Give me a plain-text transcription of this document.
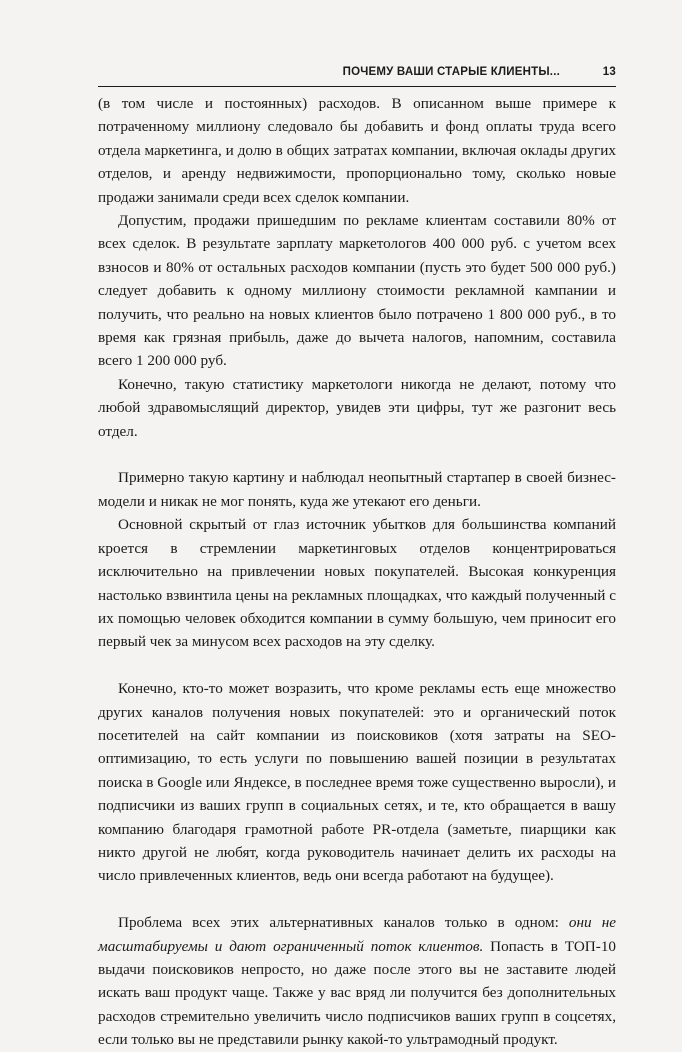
ПОЧЕМУ ВАШИ СТАРЫЕ КЛИЕНТЫ...	13

(в том числе и постоянных) расходов. В описанном выше примере к потраченному миллиону следовало бы добавить и фонд оплаты труда всего отдела маркетинга, и долю в общих затратах компании, включая оклады других отделов, и аренду недвижимости, пропорционально тому, сколько новые продажи занимали среди всех сделок компании.

Допустим, продажи пришедшим по рекламе клиентам составили 80% от всех сделок. В результате зарплату маркетологов 400 000 руб. с учетом всех взносов и 80% от остальных расходов компании (пусть это будет 500 000 руб.) следует добавить к одному миллиону стоимости рекламной кампании и получить, что реально на новых клиентов было потрачено 1 800 000 руб., в то время как грязная прибыль, даже до вычета налогов, напомним, составила всего 1 200 000 руб.

Конечно, такую статистику маркетологи никогда не делают, потому что любой здравомыслящий директор, увидев эти цифры, тут же разгонит весь отдел.

Примерно такую картину и наблюдал неопытный стартапер в своей бизнес-модели и никак не мог понять, куда же утекают его деньги.

Основной скрытый от глаз источник убытков для большинства компаний кроется в стремлении маркетинговых отделов концентрироваться исключительно на привлечении новых покупателей. Высокая конкуренция настолько взвинтила цены на рекламных площадках, что каждый полученный с их помощью человек обходится компании в сумму большую, чем приносит его первый чек за минусом всех расходов на эту сделку.

Конечно, кто-то может возразить, что кроме рекламы есть еще множество других каналов получения новых покупателей: это и органический поток посетителей на сайт компании из поисковиков (хотя затраты на SEO-оптимизацию, то есть услуги по повышению вашей позиции в результатах поиска в Google или Яндексе, в последнее время тоже существенно выросли), и подписчики из ваших групп в социальных сетях, и те, кто обращается в вашу компанию благодаря грамотной работе PR-отдела (заметьте, пиарщики как никто другой не любят, когда руководитель начинает делить их расходы на число привлеченных клиентов, ведь они всегда работают на будущее).

Проблема всех этих альтернативных каналов только в одном: они не масштабируемы и дают ограниченный поток клиентов. Попасть в ТОП-10 выдачи поисковиков непросто, но даже после этого вы не заставите людей искать ваш продукт чаще. Также у вас вряд ли получится без дополнительных расходов стремительно увеличить число подписчиков ваших групп в соцсетях, если только вы не представили рынку какой-то ультрамодный продукт.
